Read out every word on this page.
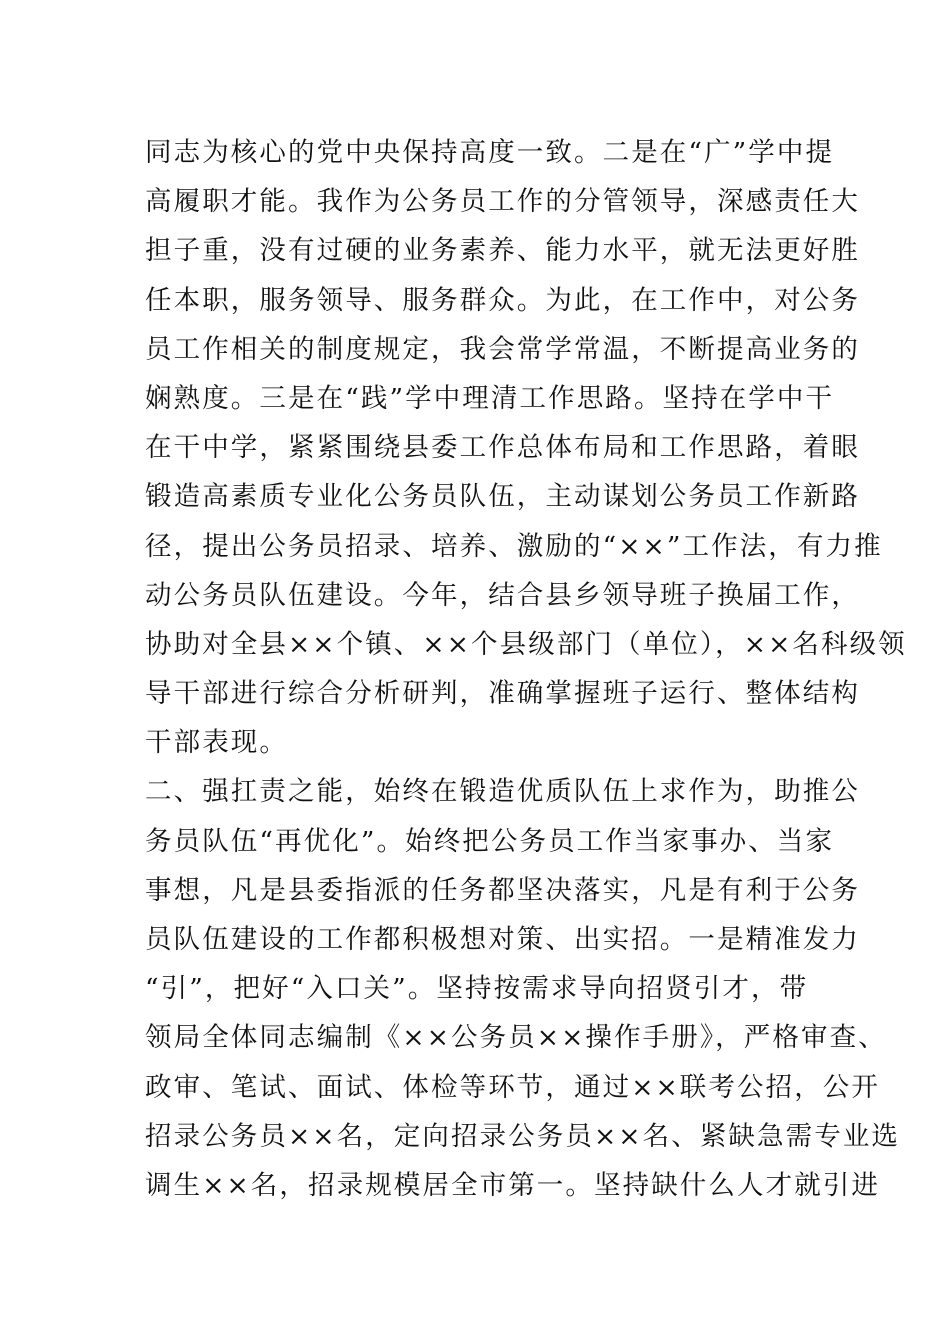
同志为核心的党中央保持高度一致。二是在“广”学中提
高履职才能。我作为公务员工作的分管领导，深感责任大
担子重，没有过硬的业务素养、能力水平，就无法更好胜
任本职，服务领导、服务群众。为此，在工作中，对公务
员工作相关的制度规定，我会常学常温，不断提高业务的
娴熟度。三是在“践”学中理清工作思路。坚持在学中干
在干中学，紧紧围绕县委工作总体布局和工作思路，着眼
锻造高素质专业化公务员队伍，主动谋划公务员工作新路
径，提出公务员招录、培养、激励的“××”工作法，有力推
动公务员队伍建设。今年，结合县乡领导班子换届工作，
协助对全县××个镇、××个县级部门（单位），××名科级领
导干部进行综合分析研判，准确掌握班子运行、整体结构
干部表现。
二、强扛责之能，始终在锻造优质队伍上求作为，助推公
务员队伍“再优化”。始终把公务员工作当家事办、当家
事想，凡是县委指派的任务都坚决落实，凡是有利于公务
员队伍建设的工作都积极想对策、出实招。一是精准发力
“引”，把好“入口关”。坚持按需求导向招贤引才，带
领局全体同志编制《××公务员××操作手册》，严格审查、
政审、笔试、面试、体检等环节，通过××联考公招，公开
招录公务员××名，定向招录公务员××名、紧缺急需专业选
调生××名，招录规模居全市第一。坚持缺什么人才就引进
